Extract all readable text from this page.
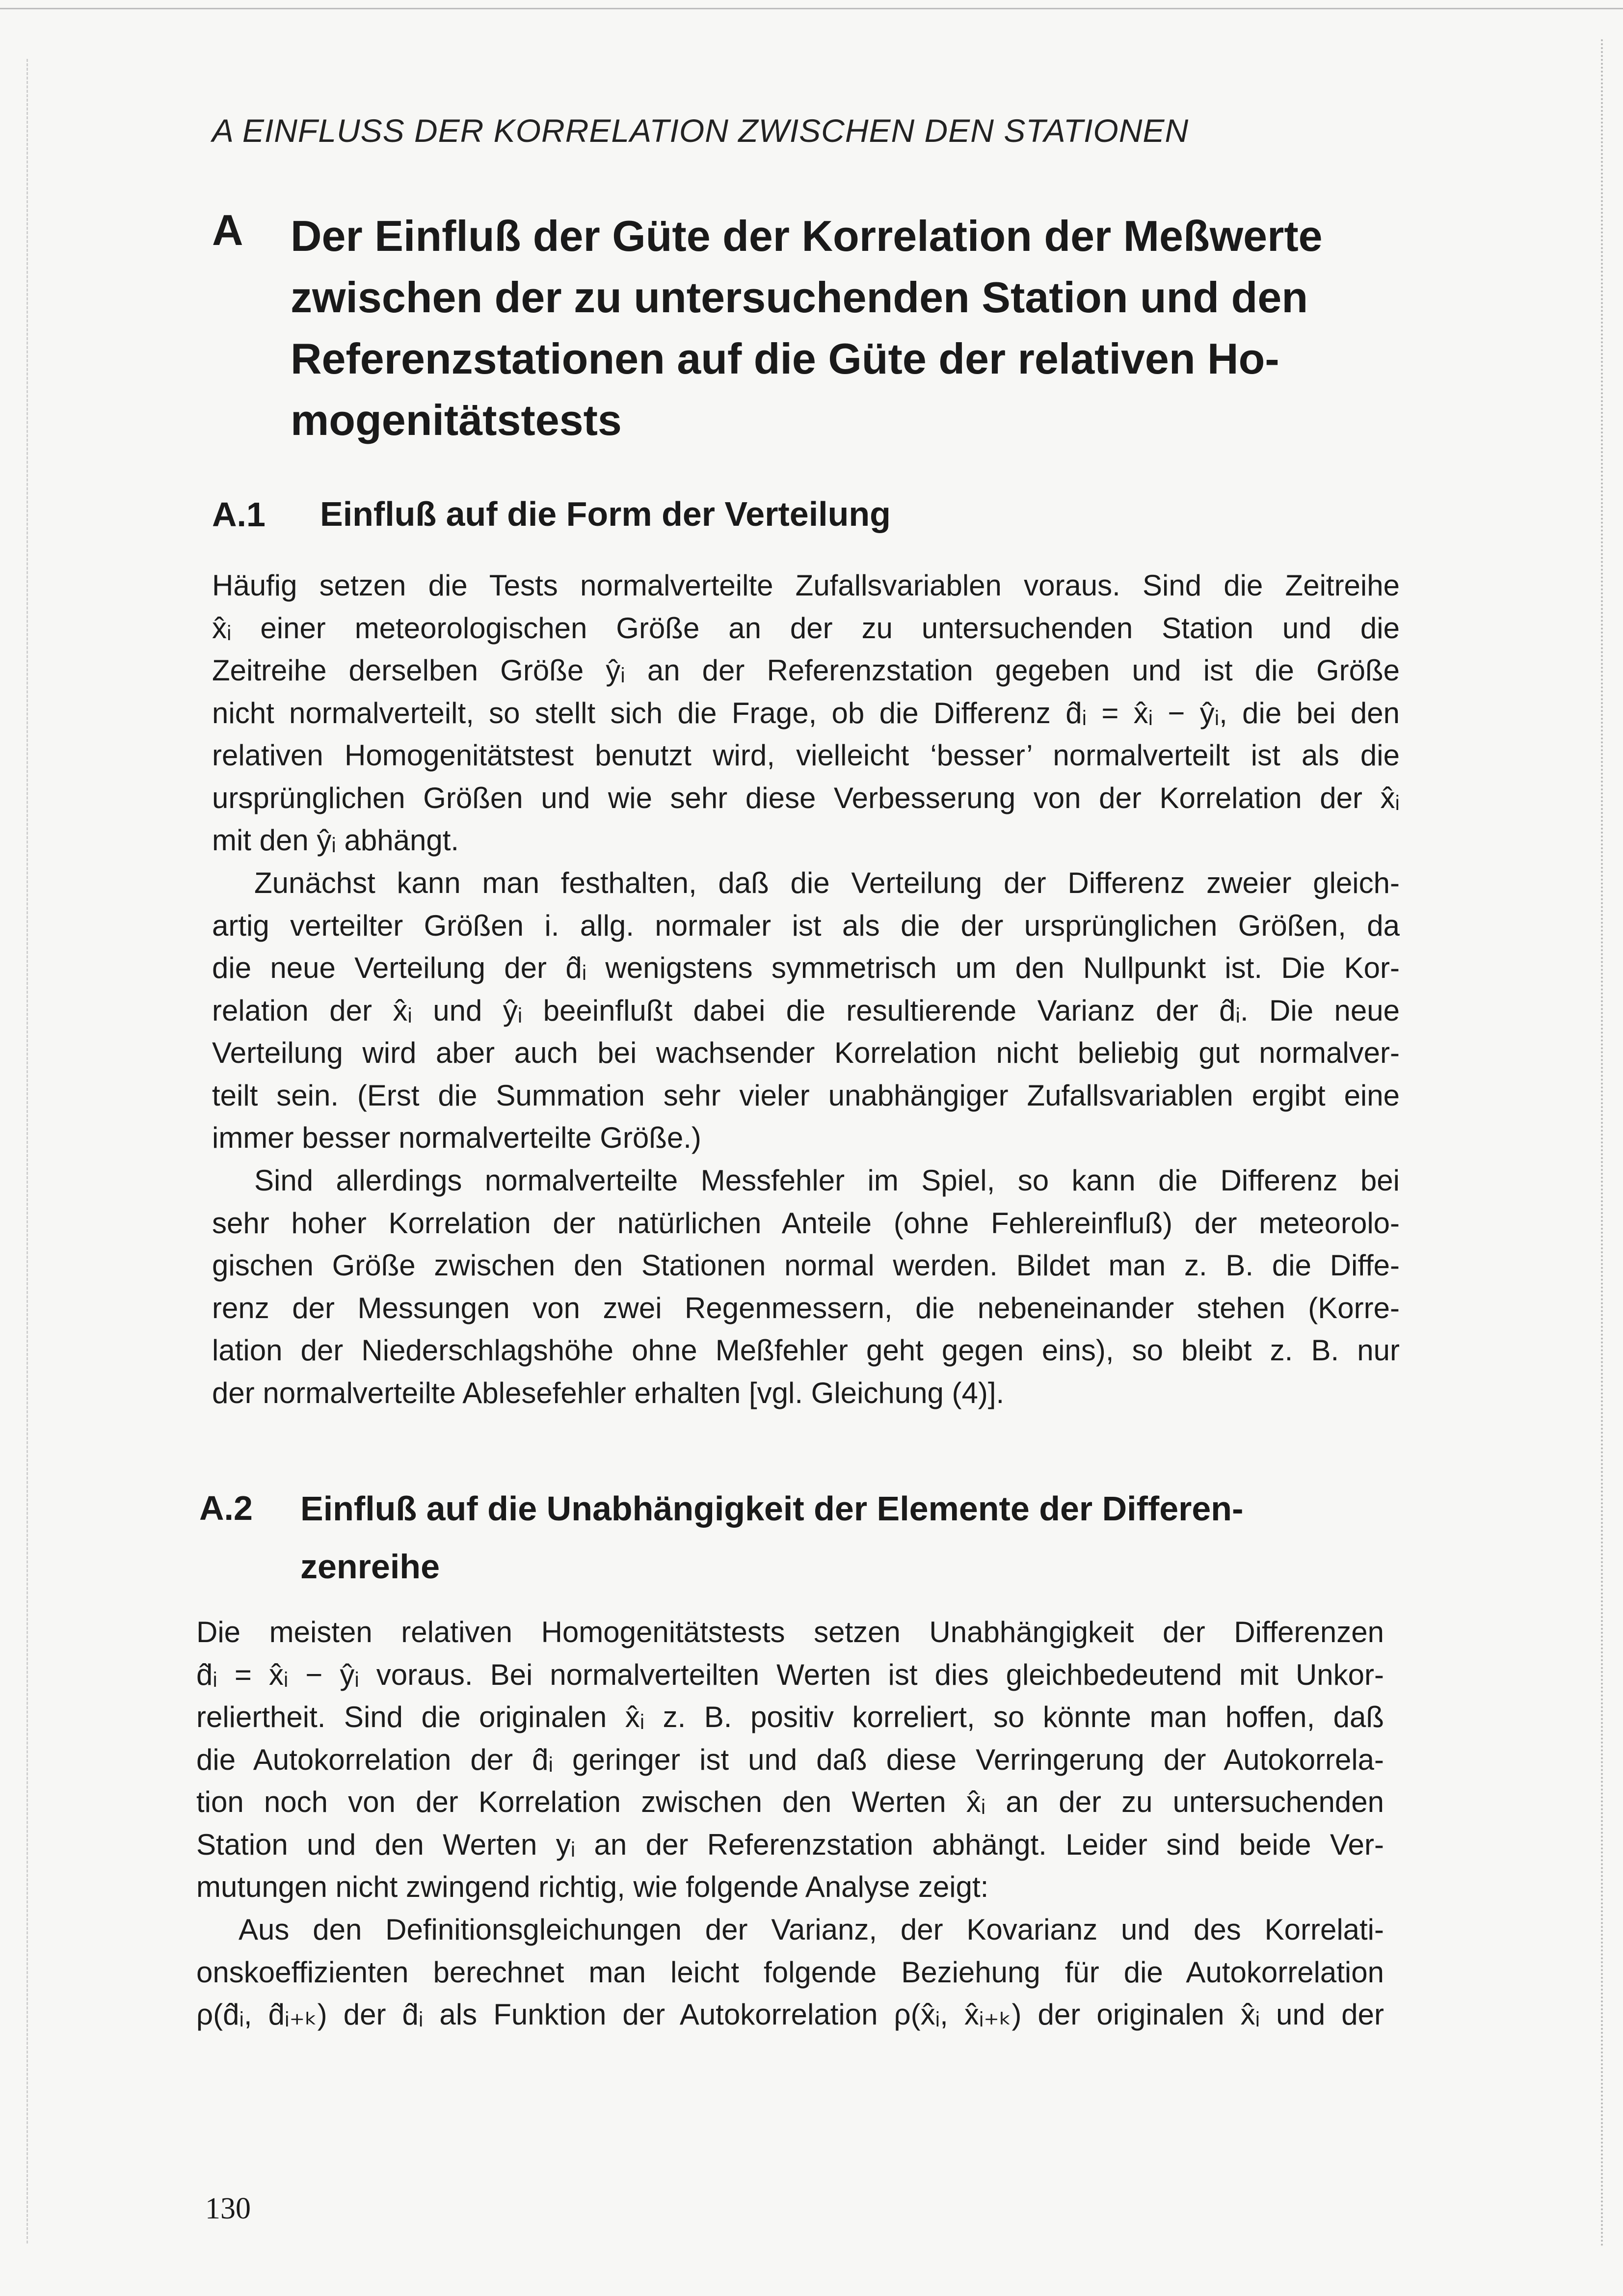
A EINFLUSS DER KORRELATION ZWISCHEN DEN STATIONEN
A Der Einfluß der Güte der Korrelation der Meßwerte
zwischen der zu untersuchenden Station und den
Referenzstationen auf die Güte der relativen Ho-
mogenitätstests
A.1 Einfluß auf die Form der Verteilung
Häufig setzen die Tests normalverteilte Zufallsvariablen voraus. Sind die Zeitreihe
x̂ᵢ einer meteorologischen Größe an der zu untersuchenden Station und die
Zeitreihe derselben Größe ŷᵢ an der Referenzstation gegeben und ist die Größe
nicht normalverteilt, so stellt sich die Frage, ob die Differenz d̂ᵢ = x̂ᵢ − ŷᵢ, die bei den
relativen Homogenitätstest benutzt wird, vielleicht ‘besser’ normalverteilt ist als die
ursprünglichen Größen und wie sehr diese Verbesserung von der Korrelation der x̂ᵢ
mit den ŷᵢ abhängt.
Zunächst kann man festhalten, daß die Verteilung der Differenz zweier gleich-
artig verteilter Größen i. allg. normaler ist als die der ursprünglichen Größen, da
die neue Verteilung der d̂ᵢ wenigstens symmetrisch um den Nullpunkt ist. Die Kor-
relation der x̂ᵢ und ŷᵢ beeinflußt dabei die resultierende Varianz der d̂ᵢ. Die neue
Verteilung wird aber auch bei wachsender Korrelation nicht beliebig gut normalver-
teilt sein. (Erst die Summation sehr vieler unabhängiger Zufallsvariablen ergibt eine
immer besser normalverteilte Größe.)
Sind allerdings normalverteilte Messfehler im Spiel, so kann die Differenz bei
sehr hoher Korrelation der natürlichen Anteile (ohne Fehlereinfluß) der meteorolo-
gischen Größe zwischen den Stationen normal werden. Bildet man z. B. die Diffe-
renz der Messungen von zwei Regenmessern, die nebeneinander stehen (Korre-
lation der Niederschlagshöhe ohne Meßfehler geht gegen eins), so bleibt z. B. nur
der normalverteilte Ablesefehler erhalten [vgl. Gleichung (4)].
A.2 Einfluß auf die Unabhängigkeit der Elemente der Differen-
zenreihe
Die meisten relativen Homogenitätstests setzen Unabhängigkeit der Differenzen
d̂ᵢ = x̂ᵢ − ŷᵢ voraus. Bei normalverteilten Werten ist dies gleichbedeutend mit Unkor-
reliertheit. Sind die originalen x̂ᵢ z. B. positiv korreliert, so könnte man hoffen, daß
die Autokorrelation der d̂ᵢ geringer ist und daß diese Verringerung der Autokorrela-
tion noch von der Korrelation zwischen den Werten x̂ᵢ an der zu untersuchenden
Station und den Werten yᵢ an der Referenzstation abhängt. Leider sind beide Ver-
mutungen nicht zwingend richtig, wie folgende Analyse zeigt:
Aus den Definitionsgleichungen der Varianz, der Kovarianz und des Korrelati-
onskoeffizienten berechnet man leicht folgende Beziehung für die Autokorrelation
ρ(d̂ᵢ, d̂ᵢ₊ₖ) der d̂ᵢ als Funktion der Autokorrelation ρ(x̂ᵢ, x̂ᵢ₊ₖ) der originalen x̂ᵢ und der
130
